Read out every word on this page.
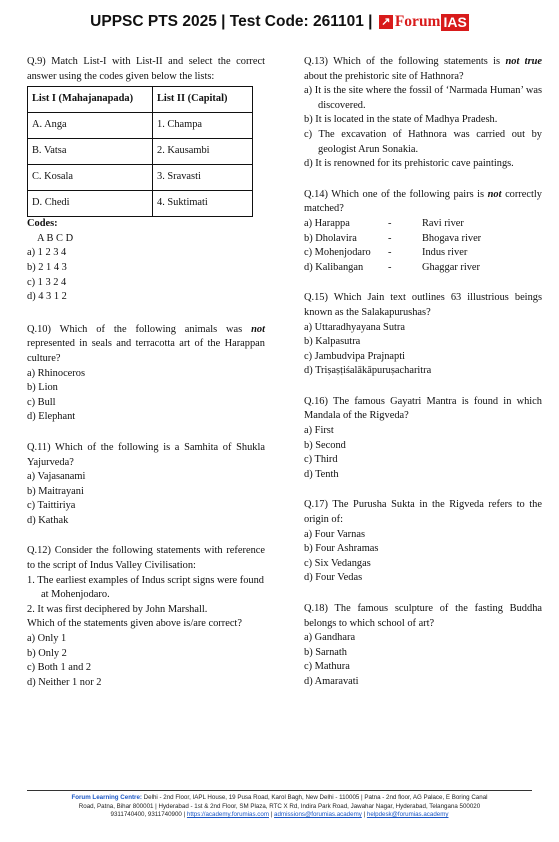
UPPSC PTS 2025 | Test Code: 261101 | ↗ Forum IAS
Q.9) Match List-I with List-II and select the correct answer using the codes given below the lists:
List I (Mahajanapada)	List II (Capital)
A. Anga	1. Champa
B. Vatsa	2. Kausambi
C. Kosala	3. Sravasti
D. Chedi	4. Suktimati
Codes:
A B C D
a) 1 2 3 4
b) 2 1 4 3
c) 1 3 2 4
d) 4 3 1 2
Q.10) Which of the following animals was not represented in seals and terracotta art of the Harappan culture?
a) Rhinoceros
b) Lion
c) Bull
d) Elephant
Q.11) Which of the following is a Samhita of Shukla Yajurveda?
a) Vajasanami
b) Maitrayani
c) Taittiriya
d) Kathak
Q.12) Consider the following statements with reference to the script of Indus Valley Civilisation:
1. The earliest examples of Indus script signs were found at Mohenjodaro.
2. It was first deciphered by John Marshall.
Which of the statements given above is/are correct?
a) Only 1
b) Only 2
c) Both 1 and 2
d) Neither 1 nor 2
Q.13) Which of the following statements is not true about the prehistoric site of Hathnora?
a) It is the site where the fossil of ‘Narmada Human’ was discovered.
b) It is located in the state of Madhya Pradesh.
c) The excavation of Hathnora was carried out by geologist Arun Sonakia.
d) It is renowned for its prehistoric cave paintings.
Q.14) Which one of the following pairs is not correctly matched?
a) Harappa	-	Ravi river
b) Dholavira	-	Bhogava river
c) Mohenjodaro	-	Indus river
d) Kalibangan	-	Ghaggar river
Q.15) Which Jain text outlines 63 illustrious beings known as the Salakapurushas?
a) Uttaradhyayana Sutra
b) Kalpasutra
c) Jambudvipa Prajnapti
d) Triṣaṣṭiśalākāpuruṣacharitra
Q.16) The famous Gayatri Mantra is found in which Mandala of the Rigveda?
a) First
b) Second
c) Third
d) Tenth
Q.17) The Purusha Sukta in the Rigveda refers to the origin of:
a) Four Varnas
b) Four Ashramas
c) Six Vedangas
d) Four Vedas
Q.18) The famous sculpture of the fasting Buddha belongs to which school of art?
a) Gandhara
b) Sarnath
c) Mathura
d) Amaravati
Forum Learning Centre: Delhi - 2nd Floor, IAPL House, 19 Pusa Road, Karol Bagh, New Delhi - 110005 | Patna - 2nd floor, AG Palace, E Boring Canal
Road, Patna, Bihar 800001 | Hyderabad - 1st & 2nd Floor, SM Plaza, RTC X Rd, Indira Park Road, Jawahar Nagar, Hyderabad, Telangana 500020
9311740400, 9311740900 | https://academy.forumias.com | admissions@forumias.academy | helpdesk@forumias.academy
